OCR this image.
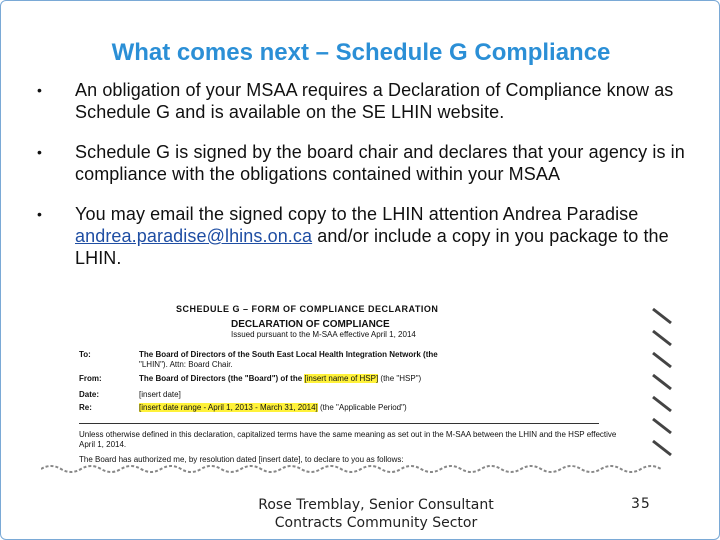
What comes next – Schedule G Compliance
•	An obligation of your MSAA requires a Declaration of Compliance know as Schedule G and is available on the SE LHIN website.
•	Schedule G is signed by the board chair and declares that your agency is in compliance with the obligations contained within your MSAA
•	You may email the signed copy to the LHIN attention Andrea Paradise andrea.paradise@lhins.on.ca and/or include a copy in you package to the LHIN.
SCHEDULE G – FORM OF COMPLIANCE DECLARATION
DECLARATION OF COMPLIANCE
Issued pursuant to the M-SAA effective April 1, 2014
To:	The Board of Directors of the South East Local Health Integration Network (the
"LHIN"). Attn: Board Chair.
From:	The Board of Directors (the "Board") of the [insert name of HSP] (the "HSP")
Date:	[insert date]
Re:	[insert date range - April 1, 2013 - March 31, 2014] (the "Applicable Period")
Unless otherwise defined in this declaration, capitalized terms have the same meaning as set out in the M-SAA between the LHIN and the HSP effective April 1, 2014.
The Board has authorized me, by resolution dated [insert date], to declare to you as follows:
Rose Tremblay, Senior Consultant
Contracts Community Sector
35
